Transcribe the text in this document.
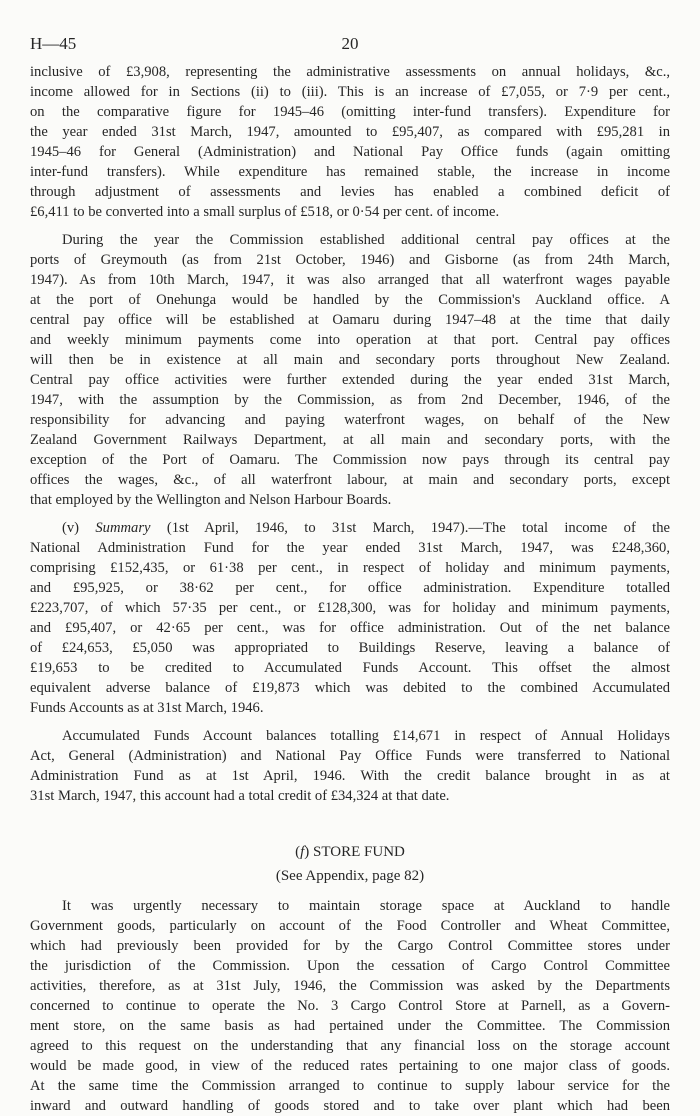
H—45	20
inclusive of £3,908, representing the administrative assessments on annual holidays, &c.,
income allowed for in Sections (ii) to (iii). This is an increase of £7,055, or 7·9 per cent.,
on the comparative figure for 1945–46 (omitting inter-fund transfers). Expenditure for
the year ended 31st March, 1947, amounted to £95,407, as compared with £95,281 in
1945–46 for General (Administration) and National Pay Office funds (again omitting
inter-fund transfers). While expenditure has remained stable, the increase in income
through adjustment of assessments and levies has enabled a combined deficit of
£6,411 to be converted into a small surplus of £518, or 0·54 per cent. of income.
During the year the Commission established additional central pay offices at the
ports of Greymouth (as from 21st October, 1946) and Gisborne (as from 24th March,
1947). As from 10th March, 1947, it was also arranged that all waterfront wages payable
at the port of Onehunga would be handled by the Commission's Auckland office. A
central pay office will be established at Oamaru during 1947–48 at the time that daily
and weekly minimum payments come into operation at that port. Central pay offices
will then be in existence at all main and secondary ports throughout New Zealand.
Central pay office activities were further extended during the year ended 31st March,
1947, with the assumption by the Commission, as from 2nd December, 1946, of the
responsibility for advancing and paying waterfront wages, on behalf of the New
Zealand Government Railways Department, at all main and secondary ports, with the
exception of the Port of Oamaru. The Commission now pays through its central pay
offices the wages, &c., of all waterfront labour, at main and secondary ports, except
that employed by the Wellington and Nelson Harbour Boards.
(v) Summary (1st April, 1946, to 31st March, 1947).—The total income of the
National Administration Fund for the year ended 31st March, 1947, was £248,360,
comprising £152,435, or 61·38 per cent., in respect of holiday and minimum payments,
and £95,925, or 38·62 per cent., for office administration. Expenditure totalled
£223,707, of which 57·35 per cent., or £128,300, was for holiday and minimum payments,
and £95,407, or 42·65 per cent., was for office administration. Out of the net balance
of £24,653, £5,050 was appropriated to Buildings Reserve, leaving a balance of
£19,653 to be credited to Accumulated Funds Account. This offset the almost
equivalent adverse balance of £19,873 which was debited to the combined Accumulated
Funds Accounts as at 31st March, 1946.
Accumulated Funds Account balances totalling £14,671 in respect of Annual Holidays
Act, General (Administration) and National Pay Office Funds were transferred to National
Administration Fund as at 1st April, 1946. With the credit balance brought in as at
31st March, 1947, this account had a total credit of £34,324 at that date.
(f) STORE FUND
(See Appendix, page 82)
It was urgently necessary to maintain storage space at Auckland to handle
Government goods, particularly on account of the Food Controller and Wheat Committee,
which had previously been provided for by the Cargo Control Committee stores under
the jurisdiction of the Commission. Upon the cessation of Cargo Control Committee
activities, therefore, as at 31st July, 1946, the Commission was asked by the Departments
concerned to continue to operate the No. 3 Cargo Control Store at Parnell, as a Govern-
ment store, on the same basis as had pertained under the Committee. The Commission
agreed to this request on the understanding that any financial loss on the storage account
would be made good, in view of the reduced rates pertaining to one major class of goods.
At the same time the Commission arranged to continue to supply labour service for the
inward and outward handling of goods stored and to take over plant which had been
